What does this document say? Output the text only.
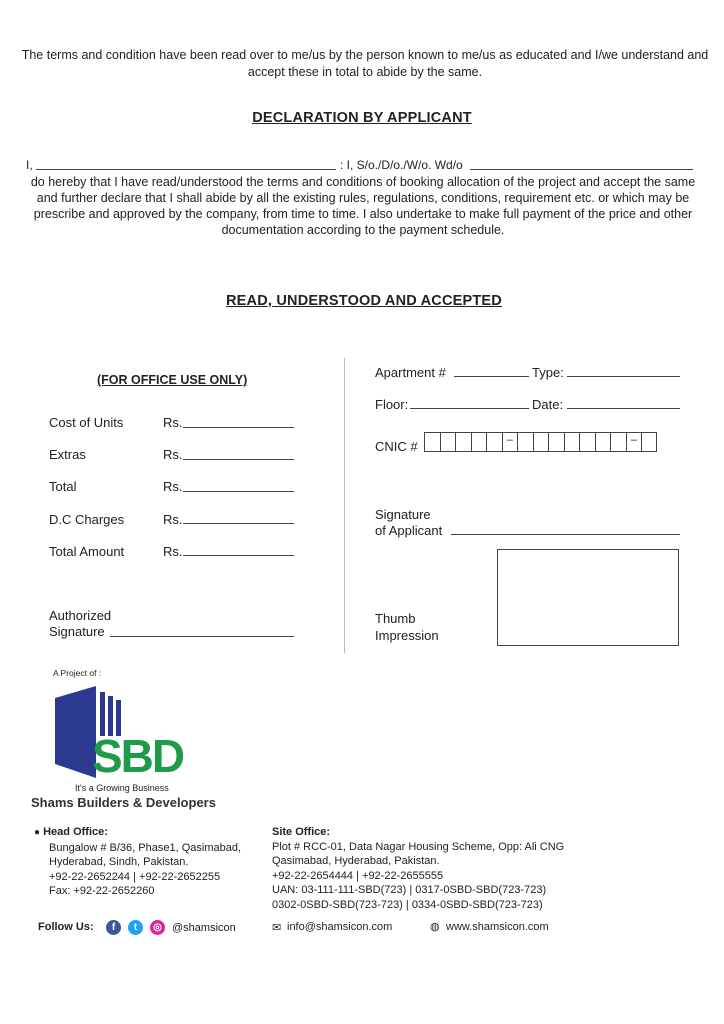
The terms and condition have been read over to me/us by the person known to me/us as educated and I/we understand and accept these in total to abide by the same.
DECLARATION BY APPLICANT
I,	: I, S/o./D/o./W/o. Wd/o
do hereby that I have read/understood the terms and conditions of booking allocation of the project and accept the same and further declare that I shall abide by all the existing rules, regulations, conditions, requirement etc. or which may be prescribe and approved by the company, from time to time. I also undertake to make full payment of the price and other documentation according to the payment schedule.
READ, UNDERSTOOD AND ACCEPTED
(FOR OFFICE USE ONLY)
Cost of Units	Rs.
Extras	Rs.
Total	Rs.
D.C Charges	Rs.
Total Amount	Rs.
Authorized
Signature
Apartment #	Type:
Floor:	Date:
CNIC #	–	–
Signature
of Applicant
Thumb
Impression
A Project of :
SBD
It's a Growing Business
Shams Builders & Developers
● Head Office:
Bungalow # B/36, Phase1, Qasimabad,
Hyderabad, Sindh, Pakistan.
+92-22-2652244 | +92-22-2652255
Fax: +92-22-2652260
Site Office:
Plot # RCC-01, Data Nagar Housing Scheme, Opp: Ali CNG
Qasimabad, Hyderabad, Pakistan.
+92-22-2654444 | +92-22-2655555
UAN: 03-111-111-SBD(723) | 0317-0SBD-SBD(723-723)
0302-0SBD-SBD(723-723) | 0334-0SBD-SBD(723-723)
Follow Us:	f	t	◎ @shamsicon	✉ info@shamsicon.com	◍ www.shamsicon.com
